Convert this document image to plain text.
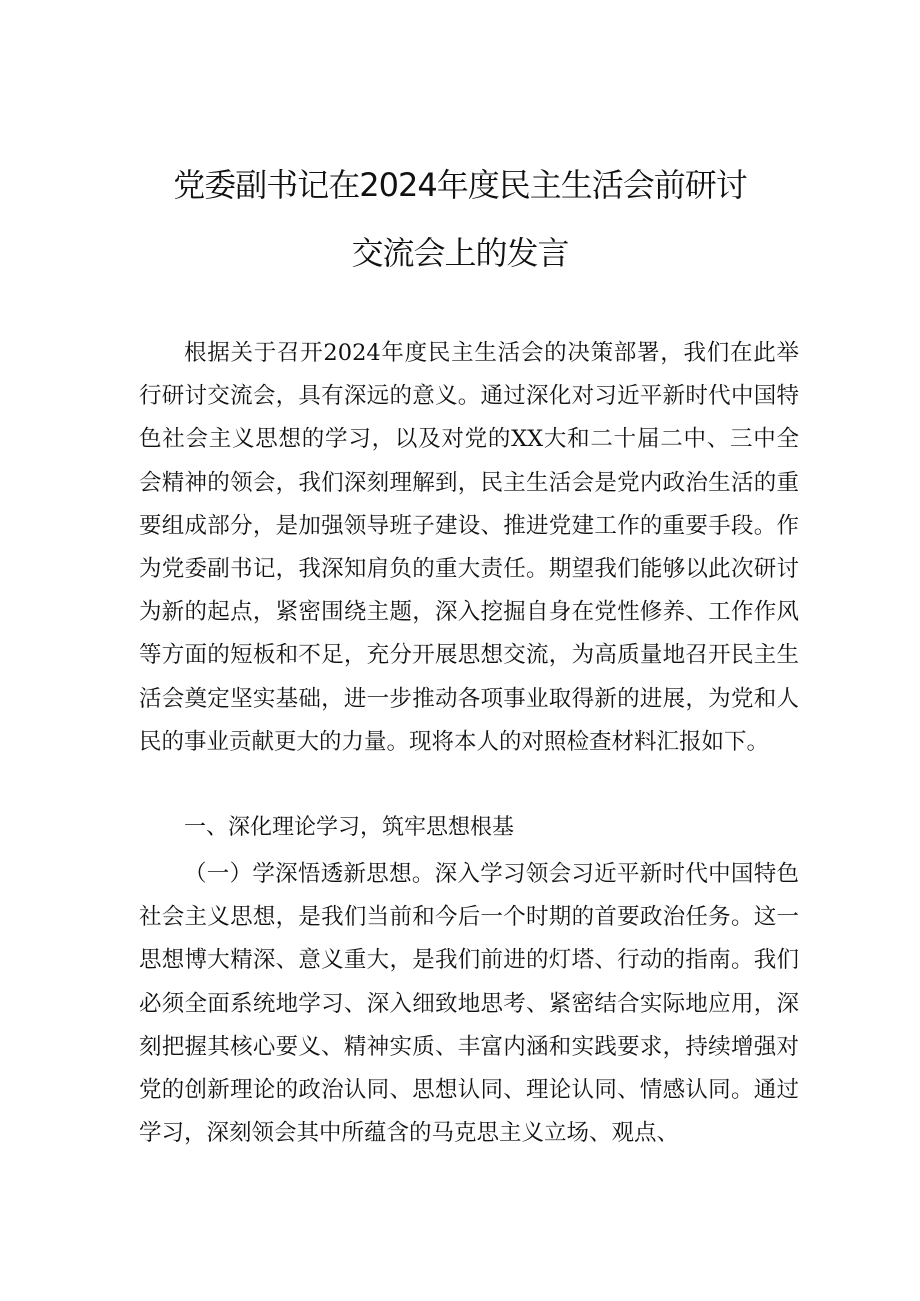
党委副书记在2024年度民主生活会前研讨
交流会上的发言

根据关于召开2024年度民主生活会的决策部署，我们在此举行研讨交流会，具有深远的意义。通过深化对习近平新时代中国特色社会主义思想的学习，以及对党的XX大和二十届二中、三中全会精神的领会，我们深刻理解到，民主生活会是党内政治生活的重要组成部分，是加强领导班子建设、推进党建工作的重要手段。作为党委副书记，我深知肩负的重大责任。期望我们能够以此次研讨为新的起点，紧密围绕主题，深入挖掘自身在党性修养、工作作风等方面的短板和不足，充分开展思想交流，为高质量地召开民主生活会奠定坚实基础，进一步推动各项事业取得新的进展，为党和人民的事业贡献更大的力量。现将本人的对照检查材料汇报如下。

一、深化理论学习，筑牢思想根基

（一）学深悟透新思想。深入学习领会习近平新时代中国特色社会主义思想，是我们当前和今后一个时期的首要政治任务。这一思想博大精深、意义重大，是我们前进的灯塔、行动的指南。我们必须全面系统地学习、深入细致地思考、紧密结合实际地应用，深刻把握其核心要义、精神实质、丰富内涵和实践要求，持续增强对党的创新理论的政治认同、思想认同、理论认同、情感认同。通过学习，深刻领会其中所蕴含的马克思主义立场、观点、
